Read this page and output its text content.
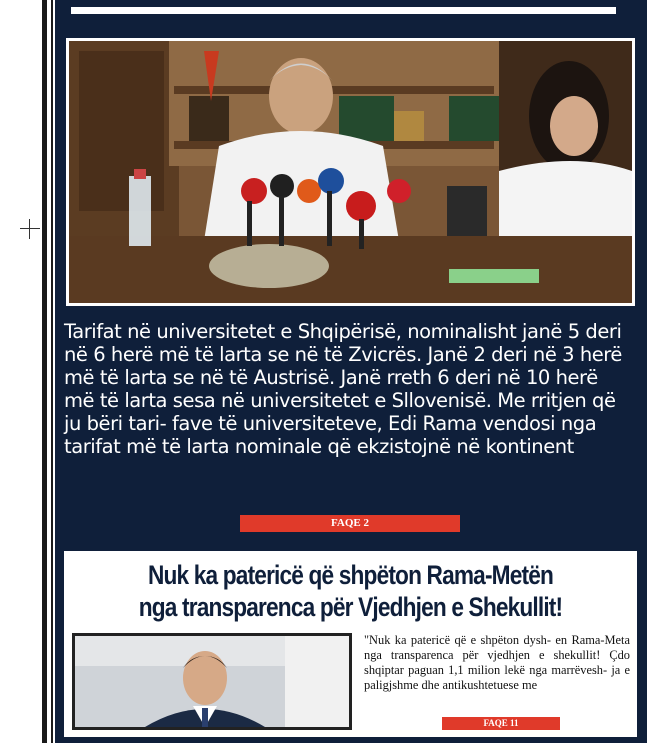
Tarifat në universitetet e Shqipërisë, nominalisht janë 5 deri në 6 herë më të larta se në të Zvicrës. Janë 2 deri në 3 herë më të larta se në të Austrisë. Janë rreth 6 deri në 10 herë më të larta sesa në universitetet e Sllovenisë. Me rritjen që ju bëri tari- fave të universiteteve, Edi Rama vendosi nga tarifat më të larta nominale që ekzistojnë në kontinent

FAQE 2
Nuk ka patericë që shpëton Rama-Metën
nga transparenca për Vjedhjen e Shekullit!

"Nuk ka patericë që e shpëton dysh- en Rama-Meta nga transparenca për vjedhjen e shekullit! Çdo shqiptar paguan 1,1 milion lekë nga marrëvesh- ja e paligjshme dhe antikushtetuese me

FAQE 11
